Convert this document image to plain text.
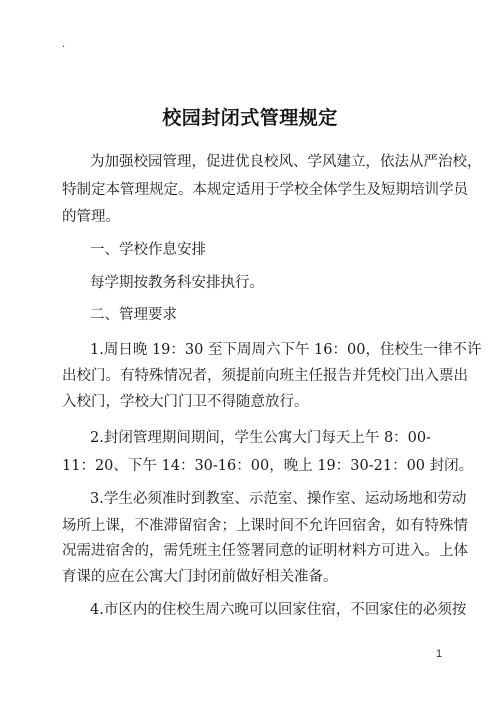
.
校园封闭式管理规定
为加强校园管理，促进优良校风、学风建立，依法从严治校，
特制定本管理规定。本规定适用于学校全体学生及短期培训学员
的管理。
一、学校作息安排
每学期按教务科安排执行。
二、管理要求
1.周日晚 19：30 至下周周六下午 16：00，住校生一律不许
出校门。有特殊情况者，须提前向班主任报告并凭校门出入票出
入校门，学校大门门卫不得随意放行。
2.封闭管理期间期间，学生公寓大门每天上午 8：00-
11：20、下午 14：30-16：00，晚上 19：30-21：00 封闭。
3.学生必须准时到教室、示范室、操作室、运动场地和劳动
场所上课，不准滞留宿舍；上课时间不允许回宿舍，如有特殊情
况需进宿舍的，需凭班主任签署同意的证明材料方可进入。上体
育课的应在公寓大门封闭前做好相关准备。
4.市区内的住校生周六晚可以回家住宿，不回家住的必须按
1
